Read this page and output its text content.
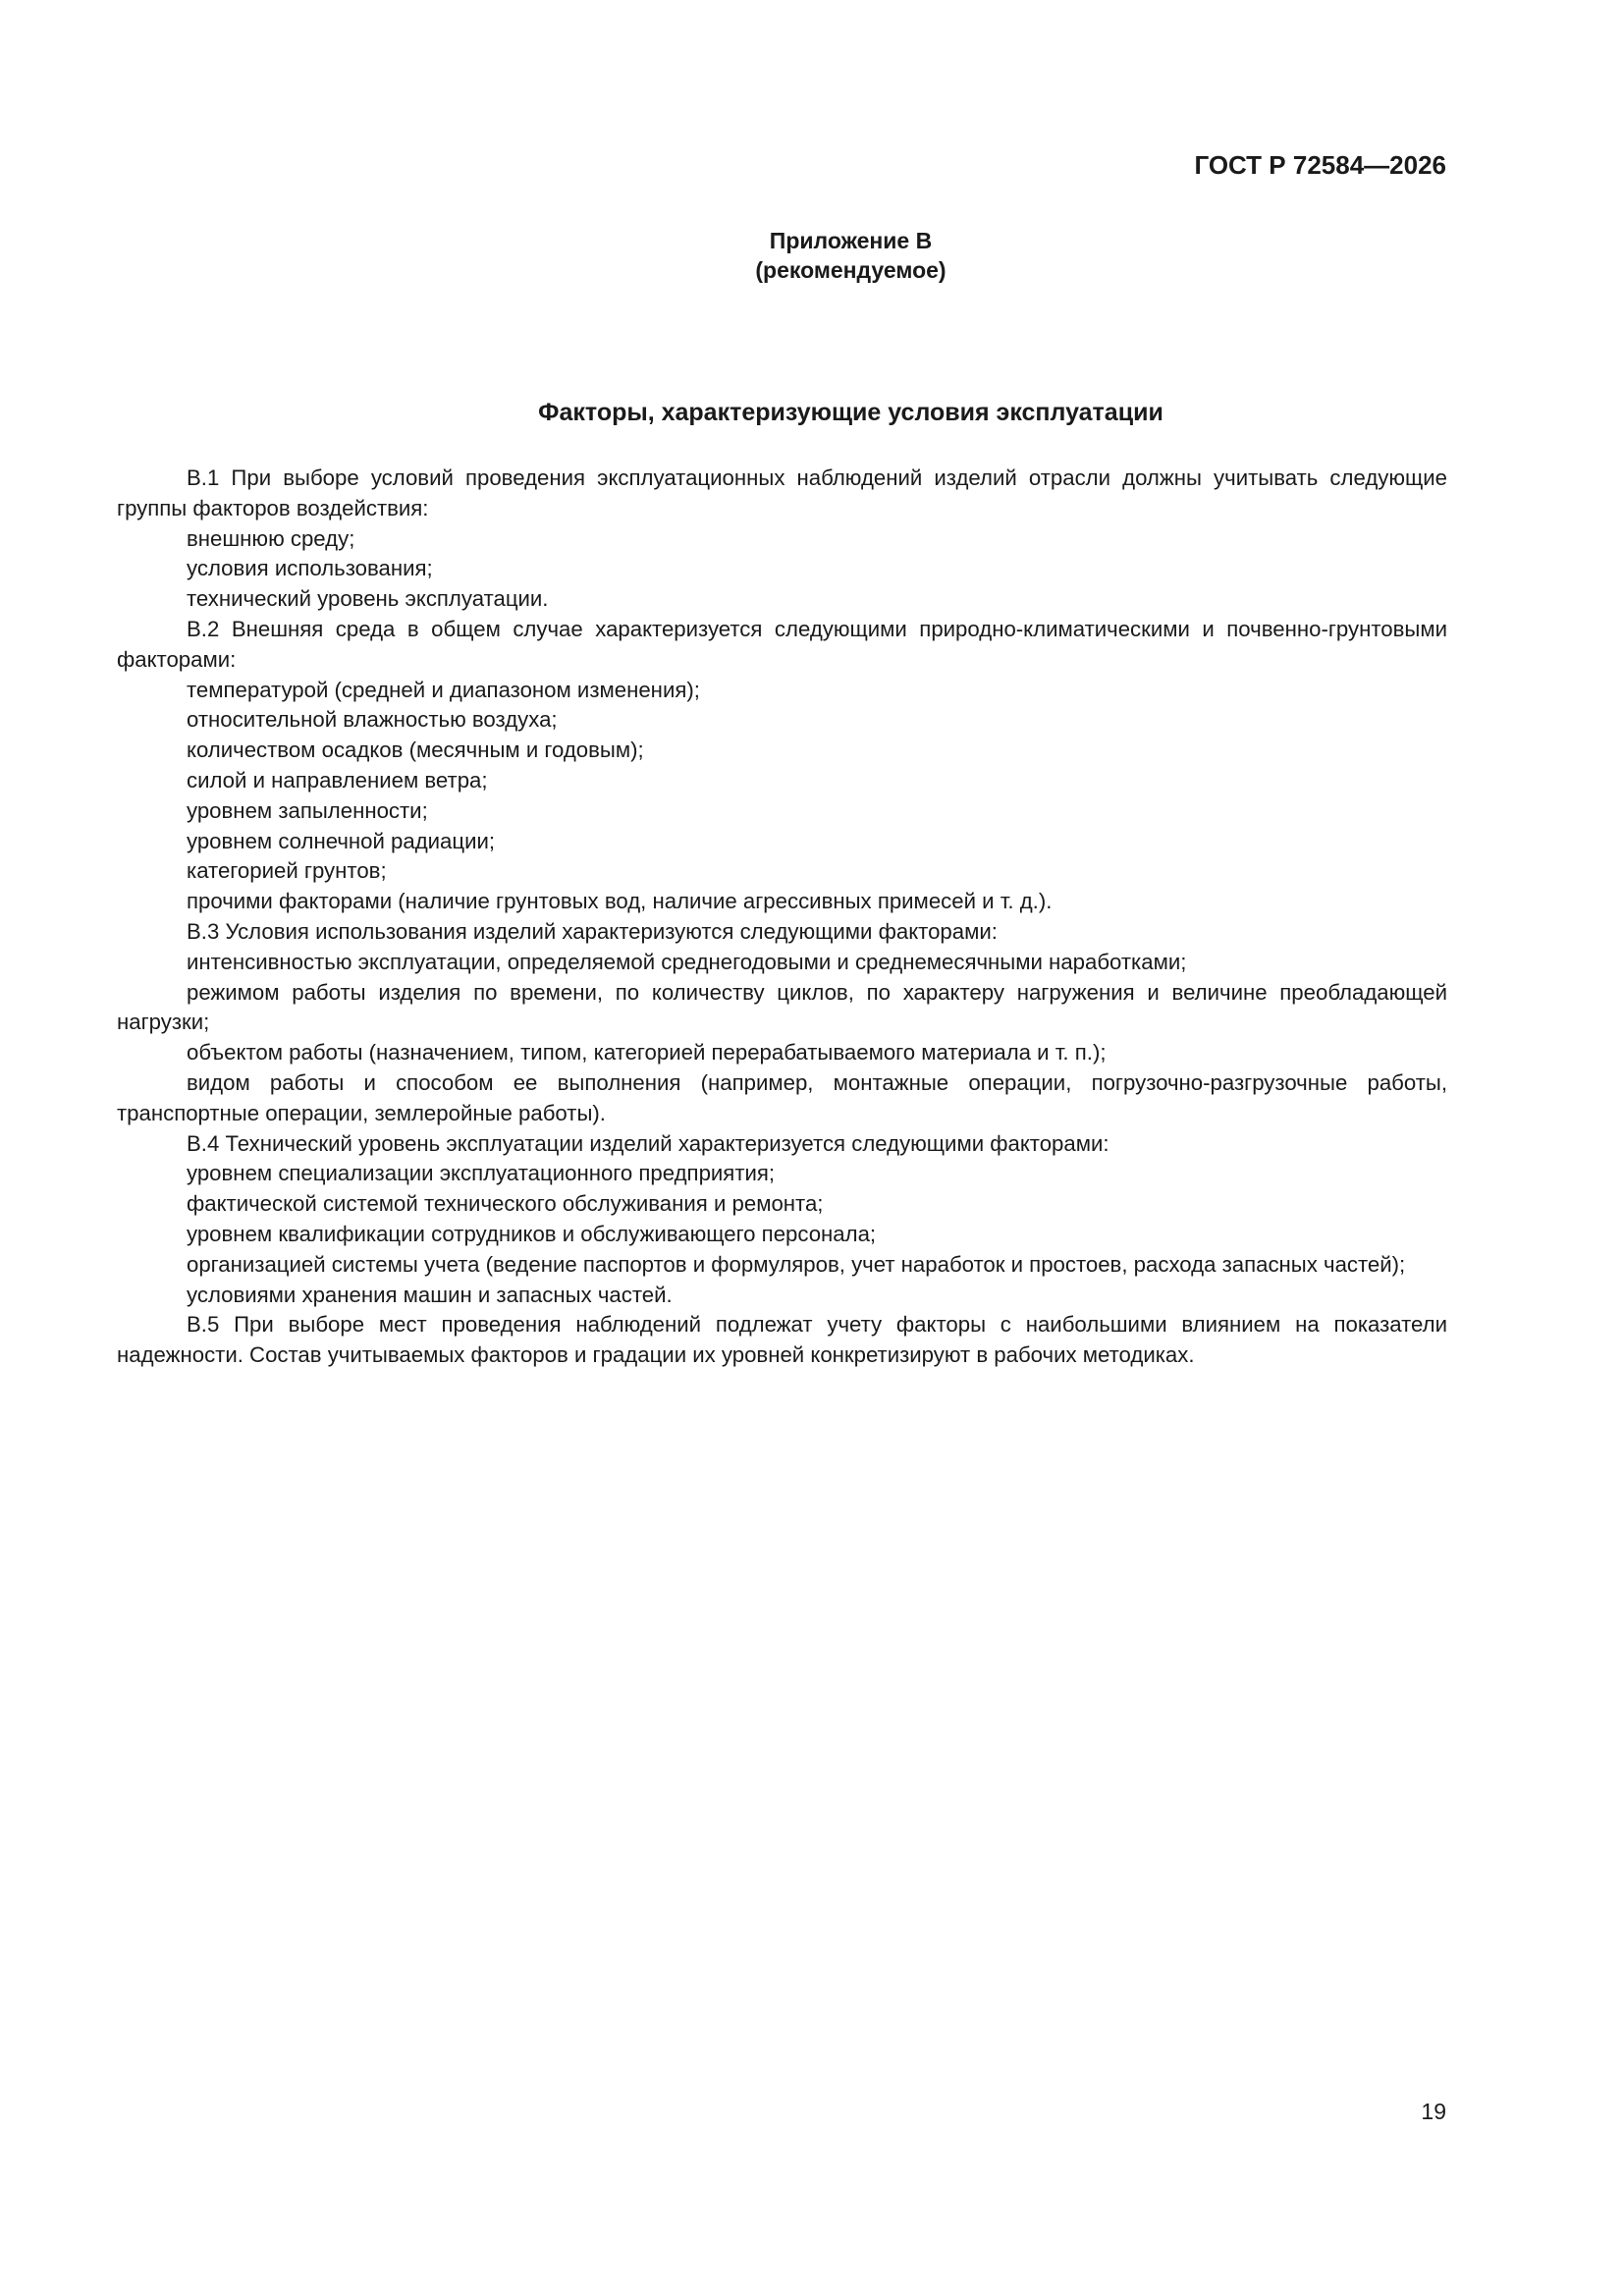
ГОСТ Р 72584—2026
Приложение В
(рекомендуемое)
Факторы, характеризующие условия эксплуатации

В.1 При выборе условий проведения эксплуатационных наблюдений изделий отрасли должны учитывать следующие группы факторов воздействия:

внешнюю среду;

условия использования;

технический уровень эксплуатации.

В.2 Внешняя среда в общем случае характеризуется следующими природно-климатическими и почвенно-грунтовыми факторами:

температурой (средней и диапазоном изменения);

относительной влажностью воздуха;

количеством осадков (месячным и годовым);

силой и направлением ветра;

уровнем запыленности;

уровнем солнечной радиации;

категорией грунтов;

прочими факторами (наличие грунтовых вод, наличие агрессивных примесей и т. д.).

В.3 Условия использования изделий характеризуются следующими факторами:

интенсивностью эксплуатации, определяемой среднегодовыми и среднемесячными наработками;

режимом работы изделия по времени, по количеству циклов, по характеру нагружения и величине преобладающей нагрузки;

объектом работы (назначением, типом, категорией перерабатываемого материала и т. п.);

видом работы и способом ее выполнения (например, монтажные операции, погрузочно-разгрузочные работы, транспортные операции, землеройные работы).

В.4 Технический уровень эксплуатации изделий характеризуется следующими факторами:

уровнем специализации эксплуатационного предприятия;

фактической системой технического обслуживания и ремонта;

уровнем квалификации сотрудников и обслуживающего персонала;

организацией системы учета (ведение паспортов и формуляров, учет наработок и простоев, расхода запасных частей);

условиями хранения машин и запасных частей.

В.5 При выборе мест проведения наблюдений подлежат учету факторы с наибольшими влиянием на показатели надежности. Состав учитываемых факторов и градации их уровней конкретизируют в рабочих методиках.

19
